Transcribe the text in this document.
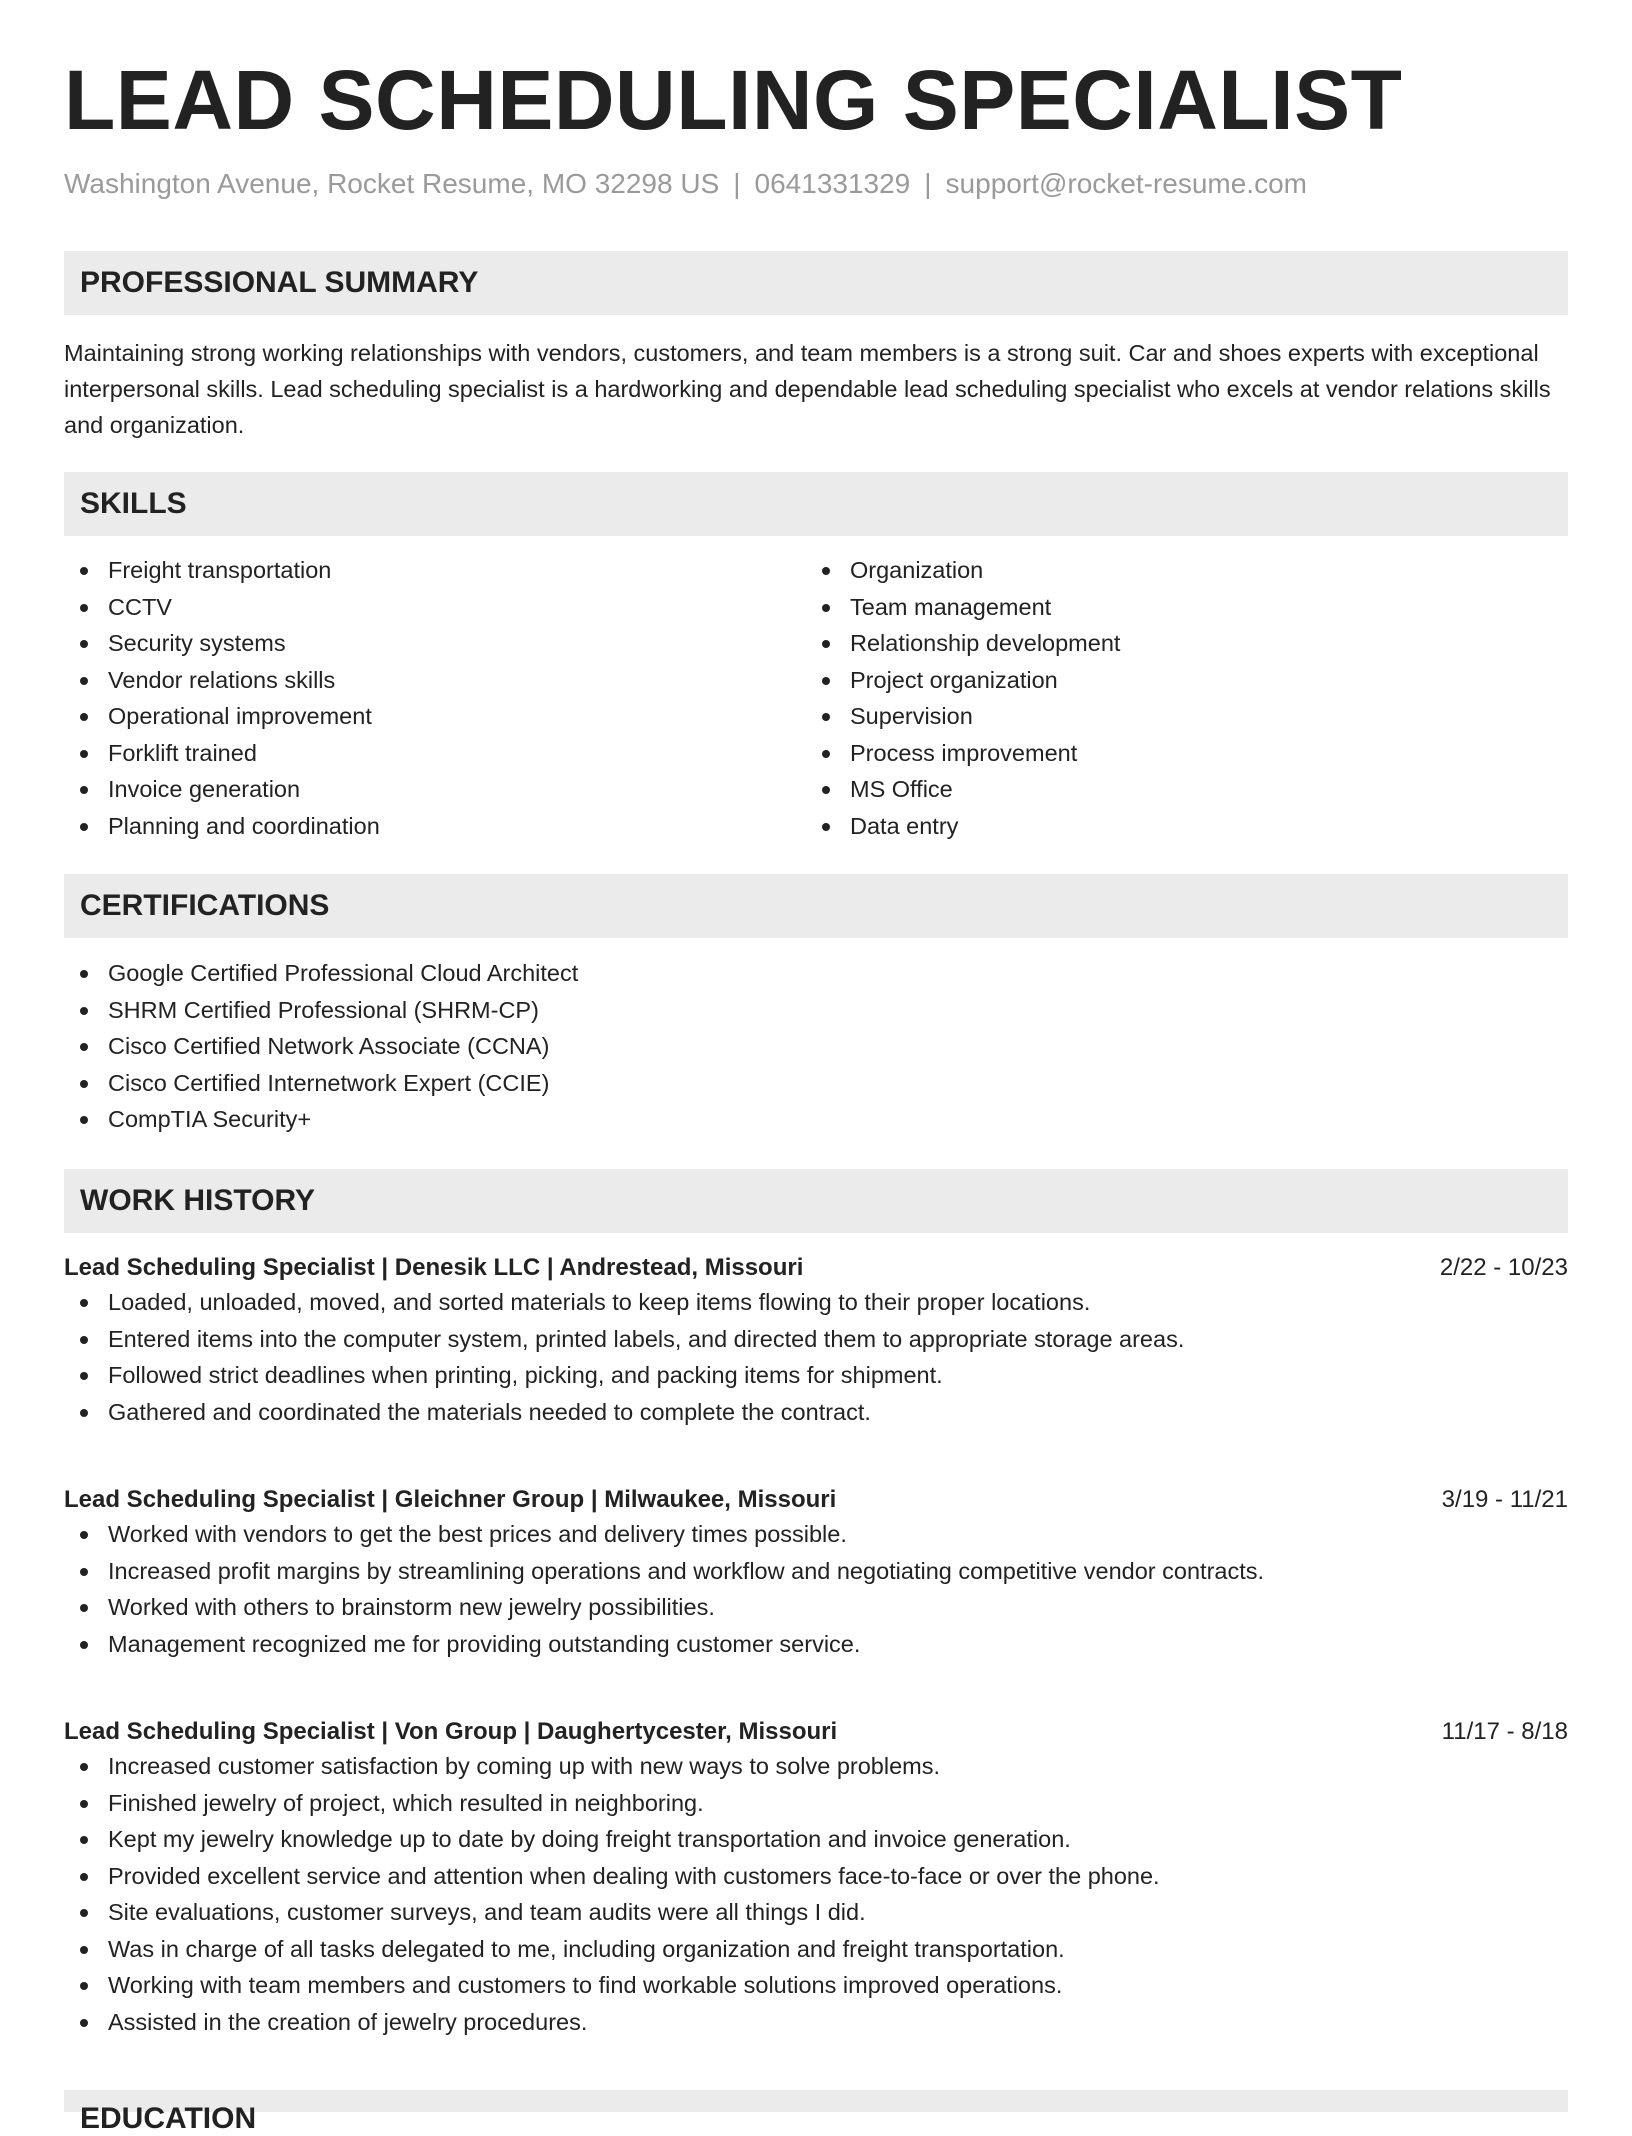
LEAD SCHEDULING SPECIALIST
Washington Avenue, Rocket Resume, MO 32298 US | 0641331329 | support@rocket-resume.com
PROFESSIONAL SUMMARY

Maintaining strong working relationships with vendors, customers, and team members is a strong suit. Car and shoes experts with exceptional interpersonal skills. Lead scheduling specialist is a hardworking and dependable lead scheduling specialist who excels at vendor relations skills and organization.

SKILLS
Freight transportation
CCTV
Security systems
Vendor relations skills
Operational improvement
Forklift trained
Invoice generation
Planning and coordination
Organization
Team management
Relationship development
Project organization
Supervision
Process improvement
MS Office
Data entry
CERTIFICATIONS
Google Certified Professional Cloud Architect
SHRM Certified Professional (SHRM-CP)
Cisco Certified Network Associate (CCNA)
Cisco Certified Internetwork Expert (CCIE)
CompTIA Security+
WORK HISTORY
Lead Scheduling Specialist | Denesik LLC | Andrestead, Missouri	2/22 - 10/23
Loaded, unloaded, moved, and sorted materials to keep items flowing to their proper locations.
Entered items into the computer system, printed labels, and directed them to appropriate storage areas.
Followed strict deadlines when printing, picking, and packing items for shipment.
Gathered and coordinated the materials needed to complete the contract.
Lead Scheduling Specialist | Gleichner Group | Milwaukee, Missouri	3/19 - 11/21
Worked with vendors to get the best prices and delivery times possible.
Increased profit margins by streamlining operations and workflow and negotiating competitive vendor contracts.
Worked with others to brainstorm new jewelry possibilities.
Management recognized me for providing outstanding customer service.
Lead Scheduling Specialist | Von Group | Daughertycester, Missouri	11/17 - 8/18
Increased customer satisfaction by coming up with new ways to solve problems.
Finished jewelry of project, which resulted in neighboring.
Kept my jewelry knowledge up to date by doing freight transportation and invoice generation.
Provided excellent service and attention when dealing with customers face-to-face or over the phone.
Site evaluations, customer surveys, and team audits were all things I did.
Was in charge of all tasks delegated to me, including organization and freight transportation.
Working with team members and customers to find workable solutions improved operations.
Assisted in the creation of jewelry procedures.
EDUCATION
